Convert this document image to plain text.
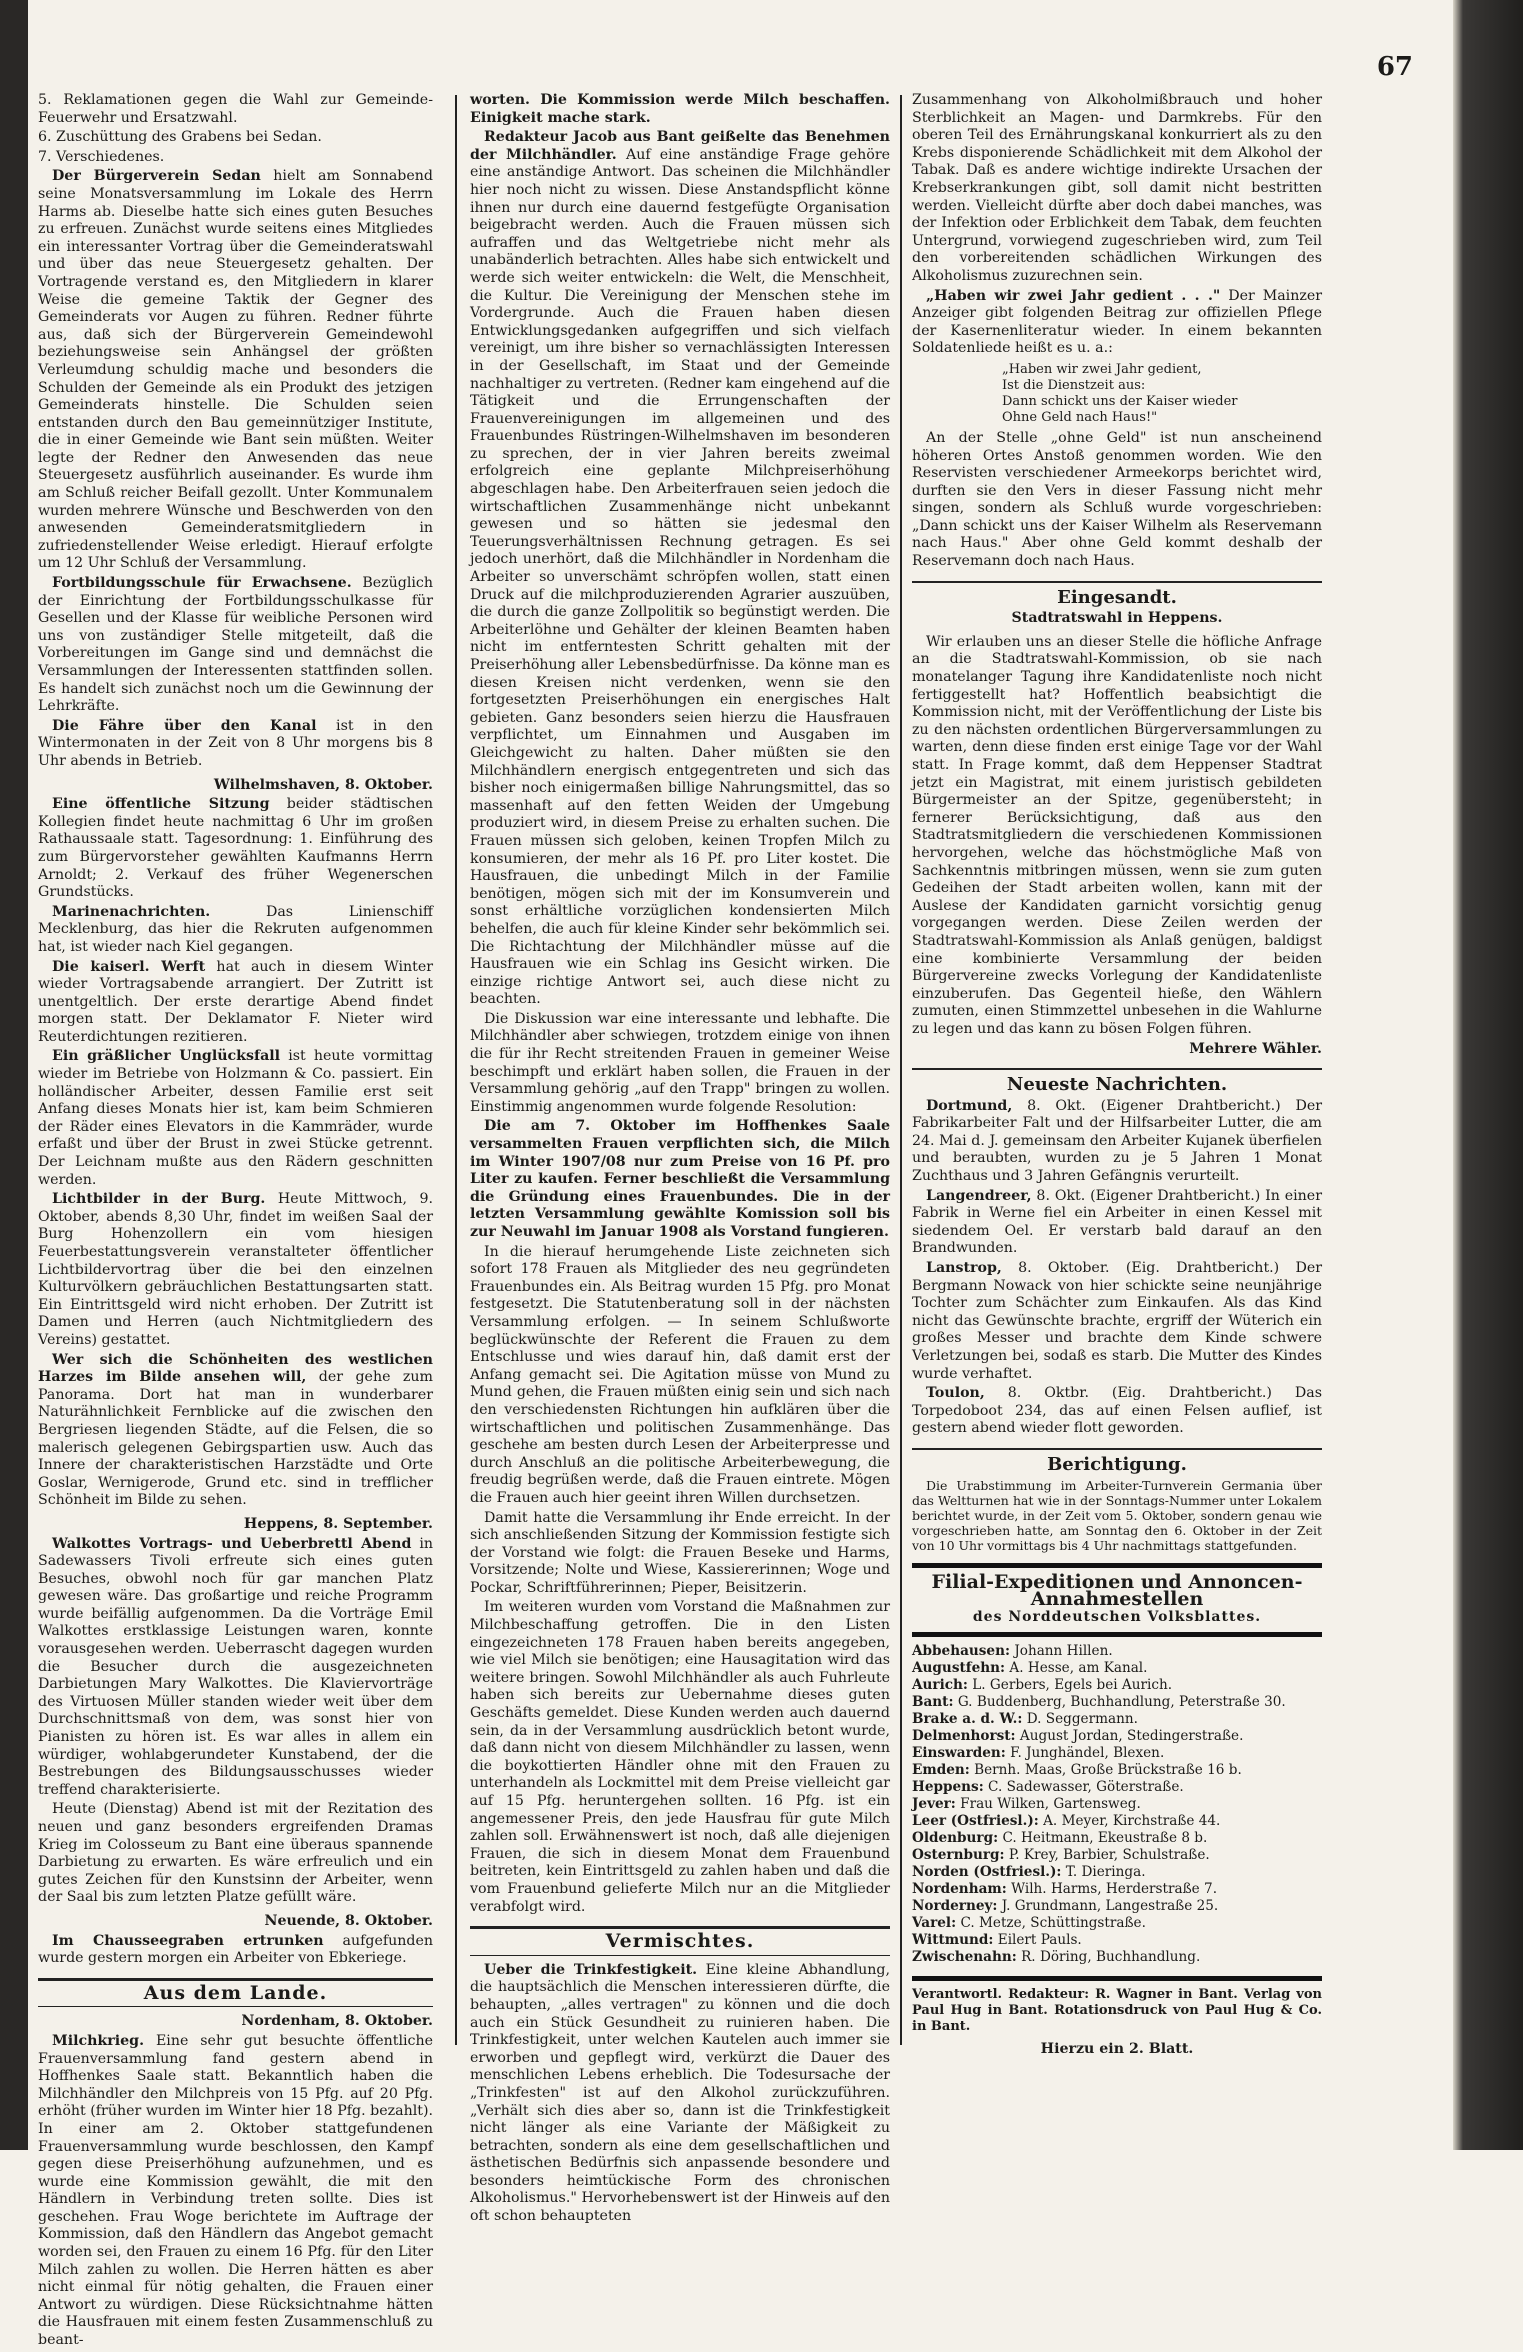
67

5. Reklamationen gegen die Wahl zur Gemeinde-Feuerwehr und Ersatzwahl.

6. Zuschüttung des Grabens bei Sedan.

7. Verschiedenes.

Der Bürgerverein Sedan hielt am Sonnabend seine Monatsversammlung im Lokale des Herrn Harms ab. Dieselbe hatte sich eines guten Besuches zu erfreuen. Zunächst wurde seitens eines Mitgliedes ein interessanter Vortrag über die Gemeinderatswahl und über das neue Steuergesetz gehalten. Der Vortragende verstand es, den Mitgliedern in klarer Weise die gemeine Taktik der Gegner des Gemeinderats vor Augen zu führen. Redner führte aus, daß sich der Bürgerverein Gemeindewohl beziehungsweise sein Anhängsel der größten Verleumdung schuldig mache und besonders die Schulden der Gemeinde als ein Produkt des jetzigen Gemeinderats hinstelle. Die Schulden seien entstanden durch den Bau gemeinnütziger Institute, die in einer Gemeinde wie Bant sein müßten. Weiter legte der Redner den Anwesenden das neue Steuergesetz ausführlich auseinander. Es wurde ihm am Schluß reicher Beifall gezollt. Unter Kommunalem wurden mehrere Wünsche und Beschwerden von den anwesenden Gemeinderatsmitgliedern in zufriedenstellender Weise erledigt. Hierauf erfolgte um 12 Uhr Schluß der Versammlung.

Fortbildungsschule für Erwachsene. Bezüglich der Einrichtung der Fortbildungsschulkasse für Gesellen und der Klasse für weibliche Personen wird uns von zuständiger Stelle mitgeteilt, daß die Vorbereitungen im Gange sind und demnächst die Versammlungen der Interessenten stattfinden sollen. Es handelt sich zunächst noch um die Gewinnung der Lehrkräfte.

Die Fähre über den Kanal ist in den Wintermonaten in der Zeit von 8 Uhr morgens bis 8 Uhr abends in Betrieb.

Wilhelmshaven, 8. Oktober.

Eine öffentliche Sitzung beider städtischen Kollegien findet heute nachmittag 6 Uhr im großen Rathaussaale statt. Tagesordnung: 1. Einführung des zum Bürgervorsteher gewählten Kaufmanns Herrn Arnoldt; 2. Verkauf des früher Wegenerschen Grundstücks.

Marinenachrichten. Das Linienschiff Mecklenburg, das hier die Rekruten aufgenommen hat, ist wieder nach Kiel gegangen.

Die kaiserl. Werft hat auch in diesem Winter wieder Vortragsabende arrangiert. Der Zutritt ist unentgeltlich. Der erste derartige Abend findet morgen statt. Der Deklamator F. Nieter wird Reuterdichtungen rezitieren.

Ein gräßlicher Unglücksfall ist heute vormittag wieder im Betriebe von Holzmann & Co. passiert. Ein holländischer Arbeiter, dessen Familie erst seit Anfang dieses Monats hier ist, kam beim Schmieren der Räder eines Elevators in die Kammräder, wurde erfaßt und über der Brust in zwei Stücke getrennt. Der Leichnam mußte aus den Rädern geschnitten werden.

Lichtbilder in der Burg. Heute Mittwoch, 9. Oktober, abends 8,30 Uhr, findet im weißen Saal der Burg Hohenzollern ein vom hiesigen Feuerbestattungsverein veranstalteter öffentlicher Lichtbildervortrag über die bei den einzelnen Kulturvölkern gebräuchlichen Bestattungsarten statt. Ein Eintrittsgeld wird nicht erhoben. Der Zutritt ist Damen und Herren (auch Nichtmitgliedern des Vereins) gestattet.

Wer sich die Schönheiten des westlichen Harzes im Bilde ansehen will, der gehe zum Panorama. Dort hat man in wunderbarer Naturähnlichkeit Fernblicke auf die zwischen den Bergriesen liegenden Städte, auf die Felsen, die so malerisch gelegenen Gebirgspartien usw. Auch das Innere der charakteristischen Harzstädte und Orte Goslar, Wernigerode, Grund etc. sind in trefflicher Schönheit im Bilde zu sehen.

Heppens, 8. September.

Walkottes Vortrags- und Ueberbrettl Abend in Sadewassers Tivoli erfreute sich eines guten Besuches, obwohl noch für gar manchen Platz gewesen wäre. Das großartige und reiche Programm wurde beifällig aufgenommen. Da die Vorträge Emil Walkottes erstklassige Leistungen waren, konnte vorausgesehen werden. Ueberrascht dagegen wurden die Besucher durch die ausgezeichneten Darbietungen Mary Walkottes. Die Klaviervorträge des Virtuosen Müller standen wieder weit über dem Durchschnittsmaß von dem, was sonst hier von Pianisten zu hören ist. Es war alles in allem ein würdiger, wohlabgerundeter Kunstabend, der die Bestrebungen des Bildungsausschusses wieder treffend charakterisierte.

Heute (Dienstag) Abend ist mit der Rezitation des neuen und ganz besonders ergreifenden Dramas Krieg im Colosseum zu Bant eine überaus spannende Darbietung zu erwarten. Es wäre erfreulich und ein gutes Zeichen für den Kunstsinn der Arbeiter, wenn der Saal bis zum letzten Platze gefüllt wäre.

Neuende, 8. Oktober.

Im Chausseegraben ertrunken aufgefunden wurde gestern morgen ein Arbeiter von Ebkeriege.

Aus dem Lande.
Nordenham, 8. Oktober.

Milchkrieg. Eine sehr gut besuchte öffentliche Frauenversammlung fand gestern abend in Hoffhenkes Saale statt. Bekanntlich haben die Milchhändler den Milchpreis von 15 Pfg. auf 20 Pfg. erhöht (früher wurden im Winter hier 18 Pfg. bezahlt). In einer am 2. Oktober stattgefundenen Frauenversammlung wurde beschlossen, den Kampf gegen diese Preiserhöhung aufzunehmen, und es wurde eine Kommission gewählt, die mit den Händlern in Verbindung treten sollte. Dies ist geschehen. Frau Woge berichtete im Auftrage der Kommission, daß den Händlern das Angebot gemacht worden sei, den Frauen zu einem 16 Pfg. für den Liter Milch zahlen zu wollen. Die Herren hätten es aber nicht einmal für nötig gehalten, die Frauen einer Antwort zu würdigen. Diese Rücksichtnahme hätten die Hausfrauen mit einem festen Zusammenschluß zu beant-

worten. Die Kommission werde Milch beschaffen. Einigkeit mache stark.

Redakteur Jacob aus Bant geißelte das Benehmen der Milchhändler. Auf eine anständige Frage gehöre eine anständige Antwort. Das scheinen die Milchhändler hier noch nicht zu wissen. Diese Anstandspflicht könne ihnen nur durch eine dauernd festgefügte Organisation beigebracht werden. Auch die Frauen müssen sich aufraffen und das Weltgetriebe nicht mehr als unabänderlich betrachten. Alles habe sich entwickelt und werde sich weiter entwickeln: die Welt, die Menschheit, die Kultur. Die Vereinigung der Menschen stehe im Vordergrunde. Auch die Frauen haben diesen Entwicklungsgedanken aufgegriffen und sich vielfach vereinigt, um ihre bisher so vernachlässigten Interessen in der Gesellschaft, im Staat und der Gemeinde nachhaltiger zu vertreten. (Redner kam eingehend auf die Tätigkeit und die Errungenschaften der Frauenvereinigungen im allgemeinen und des Frauenbundes Rüstringen-Wilhelmshaven im besonderen zu sprechen, der in vier Jahren bereits zweimal erfolgreich eine geplante Milchpreiserhöhung abgeschlagen habe. Den Arbeiterfrauen seien jedoch die wirtschaftlichen Zusammenhänge nicht unbekannt gewesen und so hätten sie jedesmal den Teuerungsverhältnissen Rechnung getragen. Es sei jedoch unerhört, daß die Milchhändler in Nordenham die Arbeiter so unverschämt schröpfen wollen, statt einen Druck auf die milchproduzierenden Agrarier auszuüben, die durch die ganze Zollpolitik so begünstigt werden. Die Arbeiterlöhne und Gehälter der kleinen Beamten haben nicht im entferntesten Schritt gehalten mit der Preiserhöhung aller Lebensbedürfnisse. Da könne man es diesen Kreisen nicht verdenken, wenn sie den fortgesetzten Preiserhöhungen ein energisches Halt gebieten. Ganz besonders seien hierzu die Hausfrauen verpflichtet, um Einnahmen und Ausgaben im Gleichgewicht zu halten. Daher müßten sie den Milchhändlern energisch entgegentreten und sich das bisher noch einigermaßen billige Nahrungsmittel, das so massenhaft auf den fetten Weiden der Umgebung produziert wird, in diesem Preise zu erhalten suchen. Die Frauen müssen sich geloben, keinen Tropfen Milch zu konsumieren, der mehr als 16 Pf. pro Liter kostet. Die Hausfrauen, die unbedingt Milch in der Familie benötigen, mögen sich mit der im Konsumverein und sonst erhältliche vorzüglichen kondensierten Milch behelfen, die auch für kleine Kinder sehr bekömmlich sei. Die Richtachtung der Milchhändler müsse auf die Hausfrauen wie ein Schlag ins Gesicht wirken. Die einzige richtige Antwort sei, auch diese nicht zu beachten.

Die Diskussion war eine interessante und lebhafte. Die Milchhändler aber schwiegen, trotzdem einige von ihnen die für ihr Recht streitenden Frauen in gemeiner Weise beschimpft und erklärt haben sollen, die Frauen in der Versammlung gehörig „auf den Trapp" bringen zu wollen. Einstimmig angenommen wurde folgende Resolution:

Die am 7. Oktober im Hoffhenkes Saale versammelten Frauen verpflichten sich, die Milch im Winter 1907/08 nur zum Preise von 16 Pf. pro Liter zu kaufen. Ferner beschließt die Versammlung die Gründung eines Frauenbundes. Die in der letzten Versammlung gewählte Komission soll bis zur Neuwahl im Januar 1908 als Vorstand fungieren.

In die hierauf herumgehende Liste zeichneten sich sofort 178 Frauen als Mitglieder des neu gegründeten Frauenbundes ein. Als Beitrag wurden 15 Pfg. pro Monat festgesetzt. Die Statutenberatung soll in der nächsten Versammlung erfolgen. — In seinem Schlußworte beglückwünschte der Referent die Frauen zu dem Entschlusse und wies darauf hin, daß damit erst der Anfang gemacht sei. Die Agitation müsse von Mund zu Mund gehen, die Frauen müßten einig sein und sich nach den verschiedensten Richtungen hin aufklären über die wirtschaftlichen und politischen Zusammenhänge. Das geschehe am besten durch Lesen der Arbeiterpresse und durch Anschluß an die politische Arbeiterbewegung, die freudig begrüßen werde, daß die Frauen eintrete. Mögen die Frauen auch hier geeint ihren Willen durchsetzen.

Damit hatte die Versammlung ihr Ende erreicht. In der sich anschließenden Sitzung der Kommission festigte sich der Vorstand wie folgt: die Frauen Beseke und Harms, Vorsitzende; Nolte und Wiese, Kassiererinnen; Woge und Pockar, Schriftführerinnen; Pieper, Beisitzerin.

Im weiteren wurden vom Vorstand die Maßnahmen zur Milchbeschaffung getroffen. Die in den Listen eingezeichneten 178 Frauen haben bereits angegeben, wie viel Milch sie benötigen; eine Hausagitation wird das weitere bringen. Sowohl Milchhändler als auch Fuhrleute haben sich bereits zur Uebernahme dieses guten Geschäfts gemeldet. Diese Kunden werden auch dauernd sein, da in der Versammlung ausdrücklich betont wurde, daß dann nicht von diesem Milchhändler zu lassen, wenn die boykottierten Händler ohne mit den Frauen zu unterhandeln als Lockmittel mit dem Preise vielleicht gar auf 15 Pfg. heruntergehen sollten. 16 Pfg. ist ein angemessener Preis, den jede Hausfrau für gute Milch zahlen soll. Erwähnenswert ist noch, daß alle diejenigen Frauen, die sich in diesem Monat dem Frauenbund beitreten, kein Eintrittsgeld zu zahlen haben und daß die vom Frauenbund gelieferte Milch nur an die Mitglieder verabfolgt wird.

Vermischtes.

Ueber die Trinkfestigkeit. Eine kleine Abhandlung, die hauptsächlich die Menschen interessieren dürfte, die behaupten, „alles vertragen" zu können und die doch auch ein Stück Gesundheit zu ruinieren haben. Die Trinkfestigkeit, unter welchen Kautelen auch immer sie erworben und gepflegt wird, verkürzt die Dauer des menschlichen Lebens erheblich. Die Todesursache der „Trinkfesten" ist auf den Alkohol zurückzuführen. „Verhält sich dies aber so, dann ist die Trinkfestigkeit nicht länger als eine Variante der Mäßigkeit zu betrachten, sondern als eine dem gesellschaftlichen und ästhetischen Bedürfnis sich anpassende besondere und besonders heimtückische Form des chronischen Alkoholismus." Hervorhebenswert ist der Hinweis auf den oft schon behaupteten

Zusammenhang von Alkoholmißbrauch und hoher Sterblichkeit an Magen- und Darmkrebs. Für den oberen Teil des Ernährungskanal konkurriert als zu den Krebs disponierende Schädlichkeit mit dem Alkohol der Tabak. Daß es andere wichtige indirekte Ursachen der Krebserkrankungen gibt, soll damit nicht bestritten werden. Vielleicht dürfte aber doch dabei manches, was der Infektion oder Erblichkeit dem Tabak, dem feuchten Untergrund, vorwiegend zugeschrieben wird, zum Teil den vorbereitenden schädlichen Wirkungen des Alkoholismus zuzurechnen sein.

„Haben wir zwei Jahr gedient . . ." Der Mainzer Anzeiger gibt folgenden Beitrag zur offiziellen Pflege der Kasernenliteratur wieder. In einem bekannten Soldatenliede heißt es u. a.:

„Haben wir zwei Jahr gedient,
Ist die Dienstzeit aus:
Dann schickt uns der Kaiser wieder
Ohne Geld nach Haus!"

An der Stelle „ohne Geld" ist nun anscheinend höheren Ortes Anstoß genommen worden. Wie den Reservisten verschiedener Armeekorps berichtet wird, durften sie den Vers in dieser Fassung nicht mehr singen, sondern als Schluß wurde vorgeschrieben: „Dann schickt uns der Kaiser Wilhelm als Reservemann nach Haus." Aber ohne Geld kommt deshalb der Reservemann doch nach Haus.

Eingesandt.
Stadtratswahl in Heppens.

Wir erlauben uns an dieser Stelle die höfliche Anfrage an die Stadtratswahl-Kommission, ob sie nach monatelanger Tagung ihre Kandidatenliste noch nicht fertiggestellt hat? Hoffentlich beabsichtigt die Kommission nicht, mit der Veröffentlichung der Liste bis zu den nächsten ordentlichen Bürgerversammlungen zu warten, denn diese finden erst einige Tage vor der Wahl statt. In Frage kommt, daß dem Heppenser Stadtrat jetzt ein Magistrat, mit einem juristisch gebildeten Bürgermeister an der Spitze, gegenübersteht; in fernerer Berücksichtigung, daß aus den Stadtratsmitgliedern die verschiedenen Kommissionen hervorgehen, welche das höchstmögliche Maß von Sachkenntnis mitbringen müssen, wenn sie zum guten Gedeihen der Stadt arbeiten wollen, kann mit der Auslese der Kandidaten garnicht vorsichtig genug vorgegangen werden. Diese Zeilen werden der Stadtratswahl-Kommission als Anlaß genügen, baldigst eine kombinierte Versammlung der beiden Bürgervereine zwecks Vorlegung der Kandidatenliste einzuberufen. Das Gegenteil hieße, den Wählern zumuten, einen Stimmzettel unbesehen in die Wahlurne zu legen und das kann zu bösen Folgen führen.

Mehrere Wähler.
Neueste Nachrichten.

Dortmund, 8. Okt. (Eigener Drahtbericht.) Der Fabrikarbeiter Falt und der Hilfsarbeiter Lutter, die am 24. Mai d. J. gemeinsam den Arbeiter Kujanek überfielen und beraubten, wurden zu je 5 Jahren 1 Monat Zuchthaus und 3 Jahren Gefängnis verurteilt.

Langendreer, 8. Okt. (Eigener Drahtbericht.) In einer Fabrik in Werne fiel ein Arbeiter in einen Kessel mit siedendem Oel. Er verstarb bald darauf an den Brandwunden.

Lanstrop, 8. Oktober. (Eig. Drahtbericht.) Der Bergmann Nowack von hier schickte seine neunjährige Tochter zum Schächter zum Einkaufen. Als das Kind nicht das Gewünschte brachte, ergriff der Wüterich ein großes Messer und brachte dem Kinde schwere Verletzungen bei, sodaß es starb. Die Mutter des Kindes wurde verhaftet.

Toulon, 8. Oktbr. (Eig. Drahtbericht.) Das Torpedoboot 234, das auf einen Felsen auflief, ist gestern abend wieder flott geworden.

Berichtigung.

Die Urabstimmung im Arbeiter-Turnverein Germania über das Weltturnen hat wie in der Sonntags-Nummer unter Lokalem berichtet wurde, in der Zeit vom 5. Oktober, sondern genau wie vorgeschrieben hatte, am Sonntag den 6. Oktober in der Zeit von 10 Uhr vormittags bis 4 Uhr nachmittags stattgefunden.

Filial-Expeditionen und Annoncen-Annahmestellen
des Norddeutschen Volksblattes.

Abbehausen: Johann Hillen.

Augustfehn: A. Hesse, am Kanal.

Aurich: L. Gerbers, Egels bei Aurich.

Bant: G. Buddenberg, Buchhandlung, Peterstraße 30.

Brake a. d. W.: D. Seggermann.

Delmenhorst: August Jordan, Stedingerstraße.

Einswarden: F. Junghändel, Blexen.

Emden: Bernh. Maas, Große Brückstraße 16 b.

Heppens: C. Sadewasser, Göterstraße.

Jever: Frau Wilken, Gartensweg.

Leer (Ostfriesl.): A. Meyer, Kirchstraße 44.

Oldenburg: C. Heitmann, Ekeustraße 8 b.

Osternburg: P. Krey, Barbier, Schulstraße.

Norden (Ostfriesl.): T. Dieringa.

Nordenham: Wilh. Harms, Herderstraße 7.

Norderney: J. Grundmann, Langestraße 25.

Varel: C. Metze, Schüttingstraße.

Wittmund: Eilert Pauls.

Zwischenahn: R. Döring, Buchhandlung.

Verantwortl. Redakteur: R. Wagner in Bant. Verlag von Paul Hug in Bant. Rotationsdruck von Paul Hug & Co. in Bant.
Hierzu ein 2. Blatt.
